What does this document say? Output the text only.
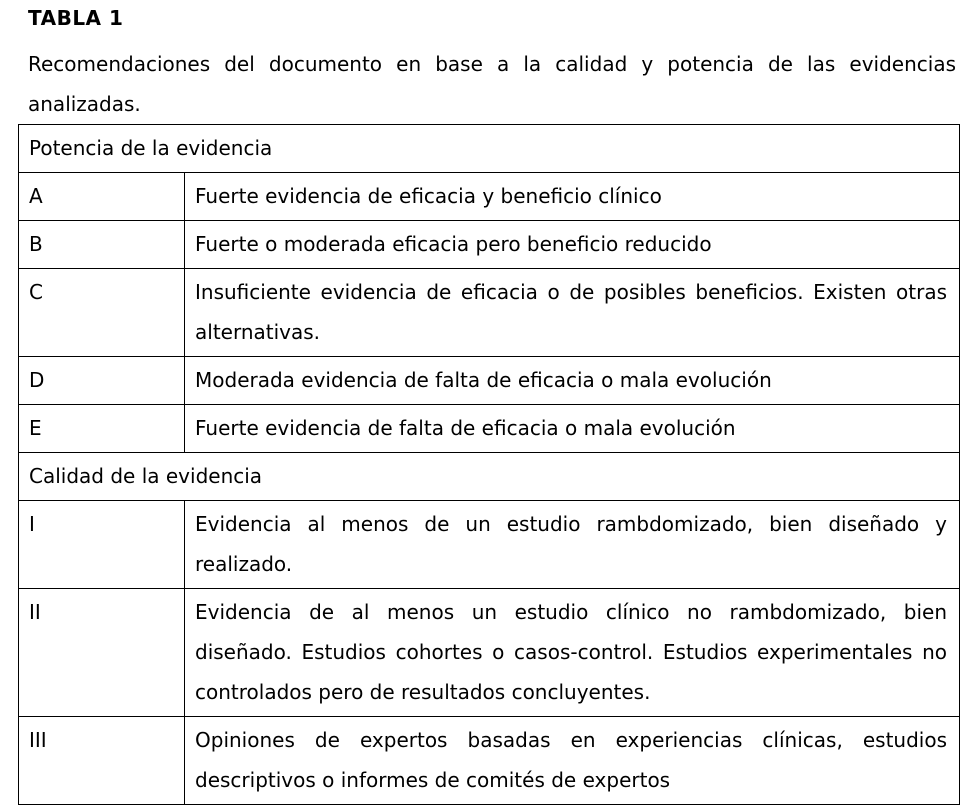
TABLA 1
Recomendaciones del documento en base a la calidad y potencia de las evidencias analizadas.
Potencia de la evidencia	
A	Fuerte evidencia de eficacia y beneficio clínico
B	Fuerte o moderada eficacia pero beneficio reducido
C	Insuficiente evidencia de eficacia o de posibles beneficios. Existen otras alternativas.
D	Moderada evidencia de falta de eficacia o mala evolución
E	Fuerte evidencia de falta de eficacia o mala evolución
Calidad de la evidencia	
I	Evidencia al menos de un estudio rambdomizado, bien diseñado y realizado.
II	Evidencia de al menos un estudio clínico no rambdomizado, bien diseñado. Estudios cohortes o casos-control. Estudios experimentales no controlados pero de resultados concluyentes.
III	Opiniones de expertos basadas en experiencias clínicas, estudios descriptivos o informes de comités de expertos
